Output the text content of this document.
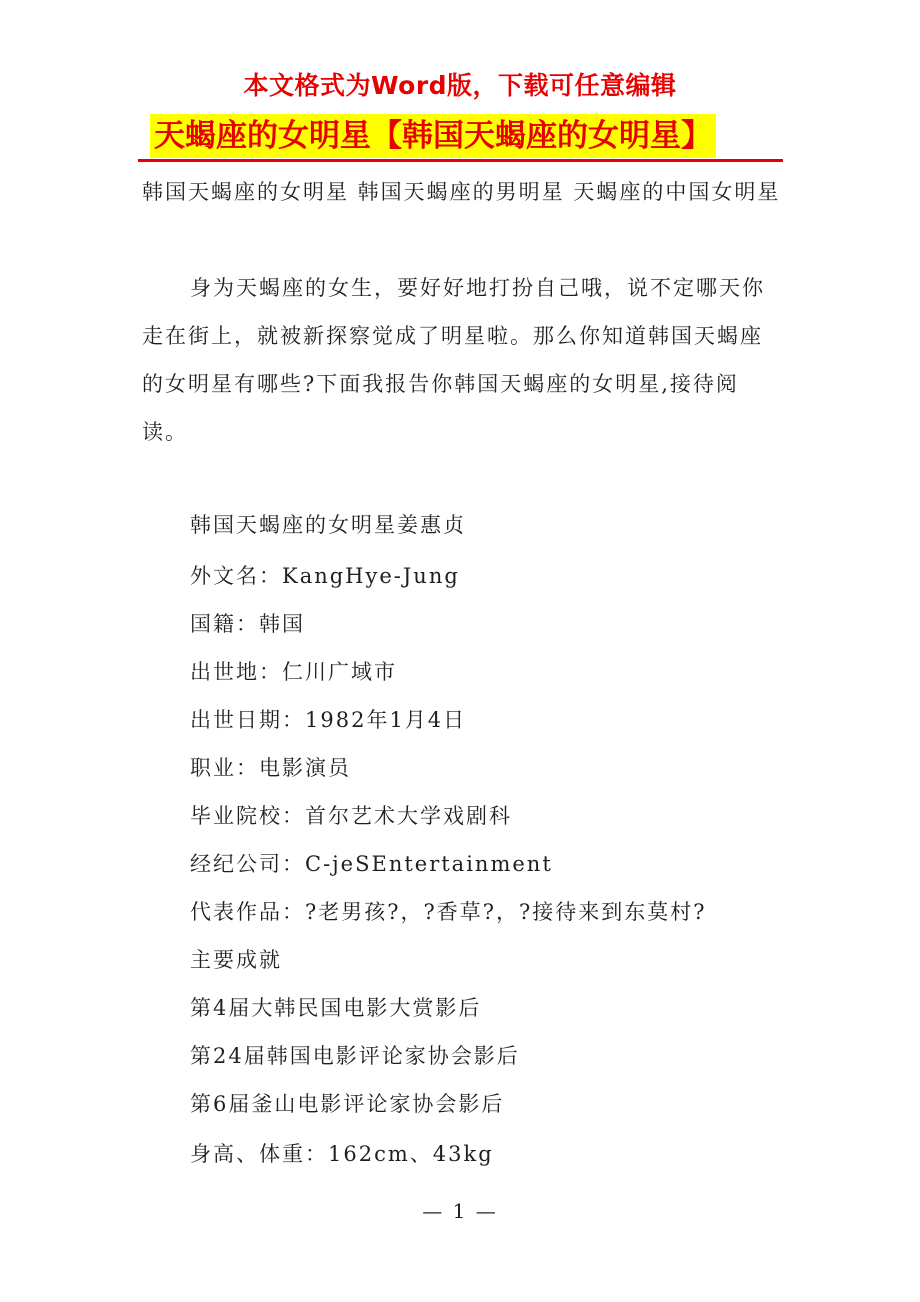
本文格式为Word版，下载可任意编辑
天蝎座的女明星【韩国天蝎座的女明星】
韩国天蝎座的女明星 韩国天蝎座的男明星 天蝎座的中国女明星
身为天蝎座的女生，要好好地打扮自己哦，说不定哪天你走在街上，就被新探察觉成了明星啦。那么你知道韩国天蝎座的女明星有哪些?下面我报告你韩国天蝎座的女明星,接待阅读。
韩国天蝎座的女明星姜惠贞
外文名：KangHye-Jung
国籍：韩国
出世地：仁川广域市
出世日期：1982年1月4日
职业：电影演员
毕业院校：首尔艺术大学戏剧科
经纪公司：C-jeSEntertainment
代表作品：?老男孩?，?香草?，?接待来到东莫村?
主要成就
第4届大韩民国电影大赏影后
第24届韩国电影评论家协会影后
第6届釜山电影评论家协会影后
身高、体重：162cm、43kg
— 1 —
